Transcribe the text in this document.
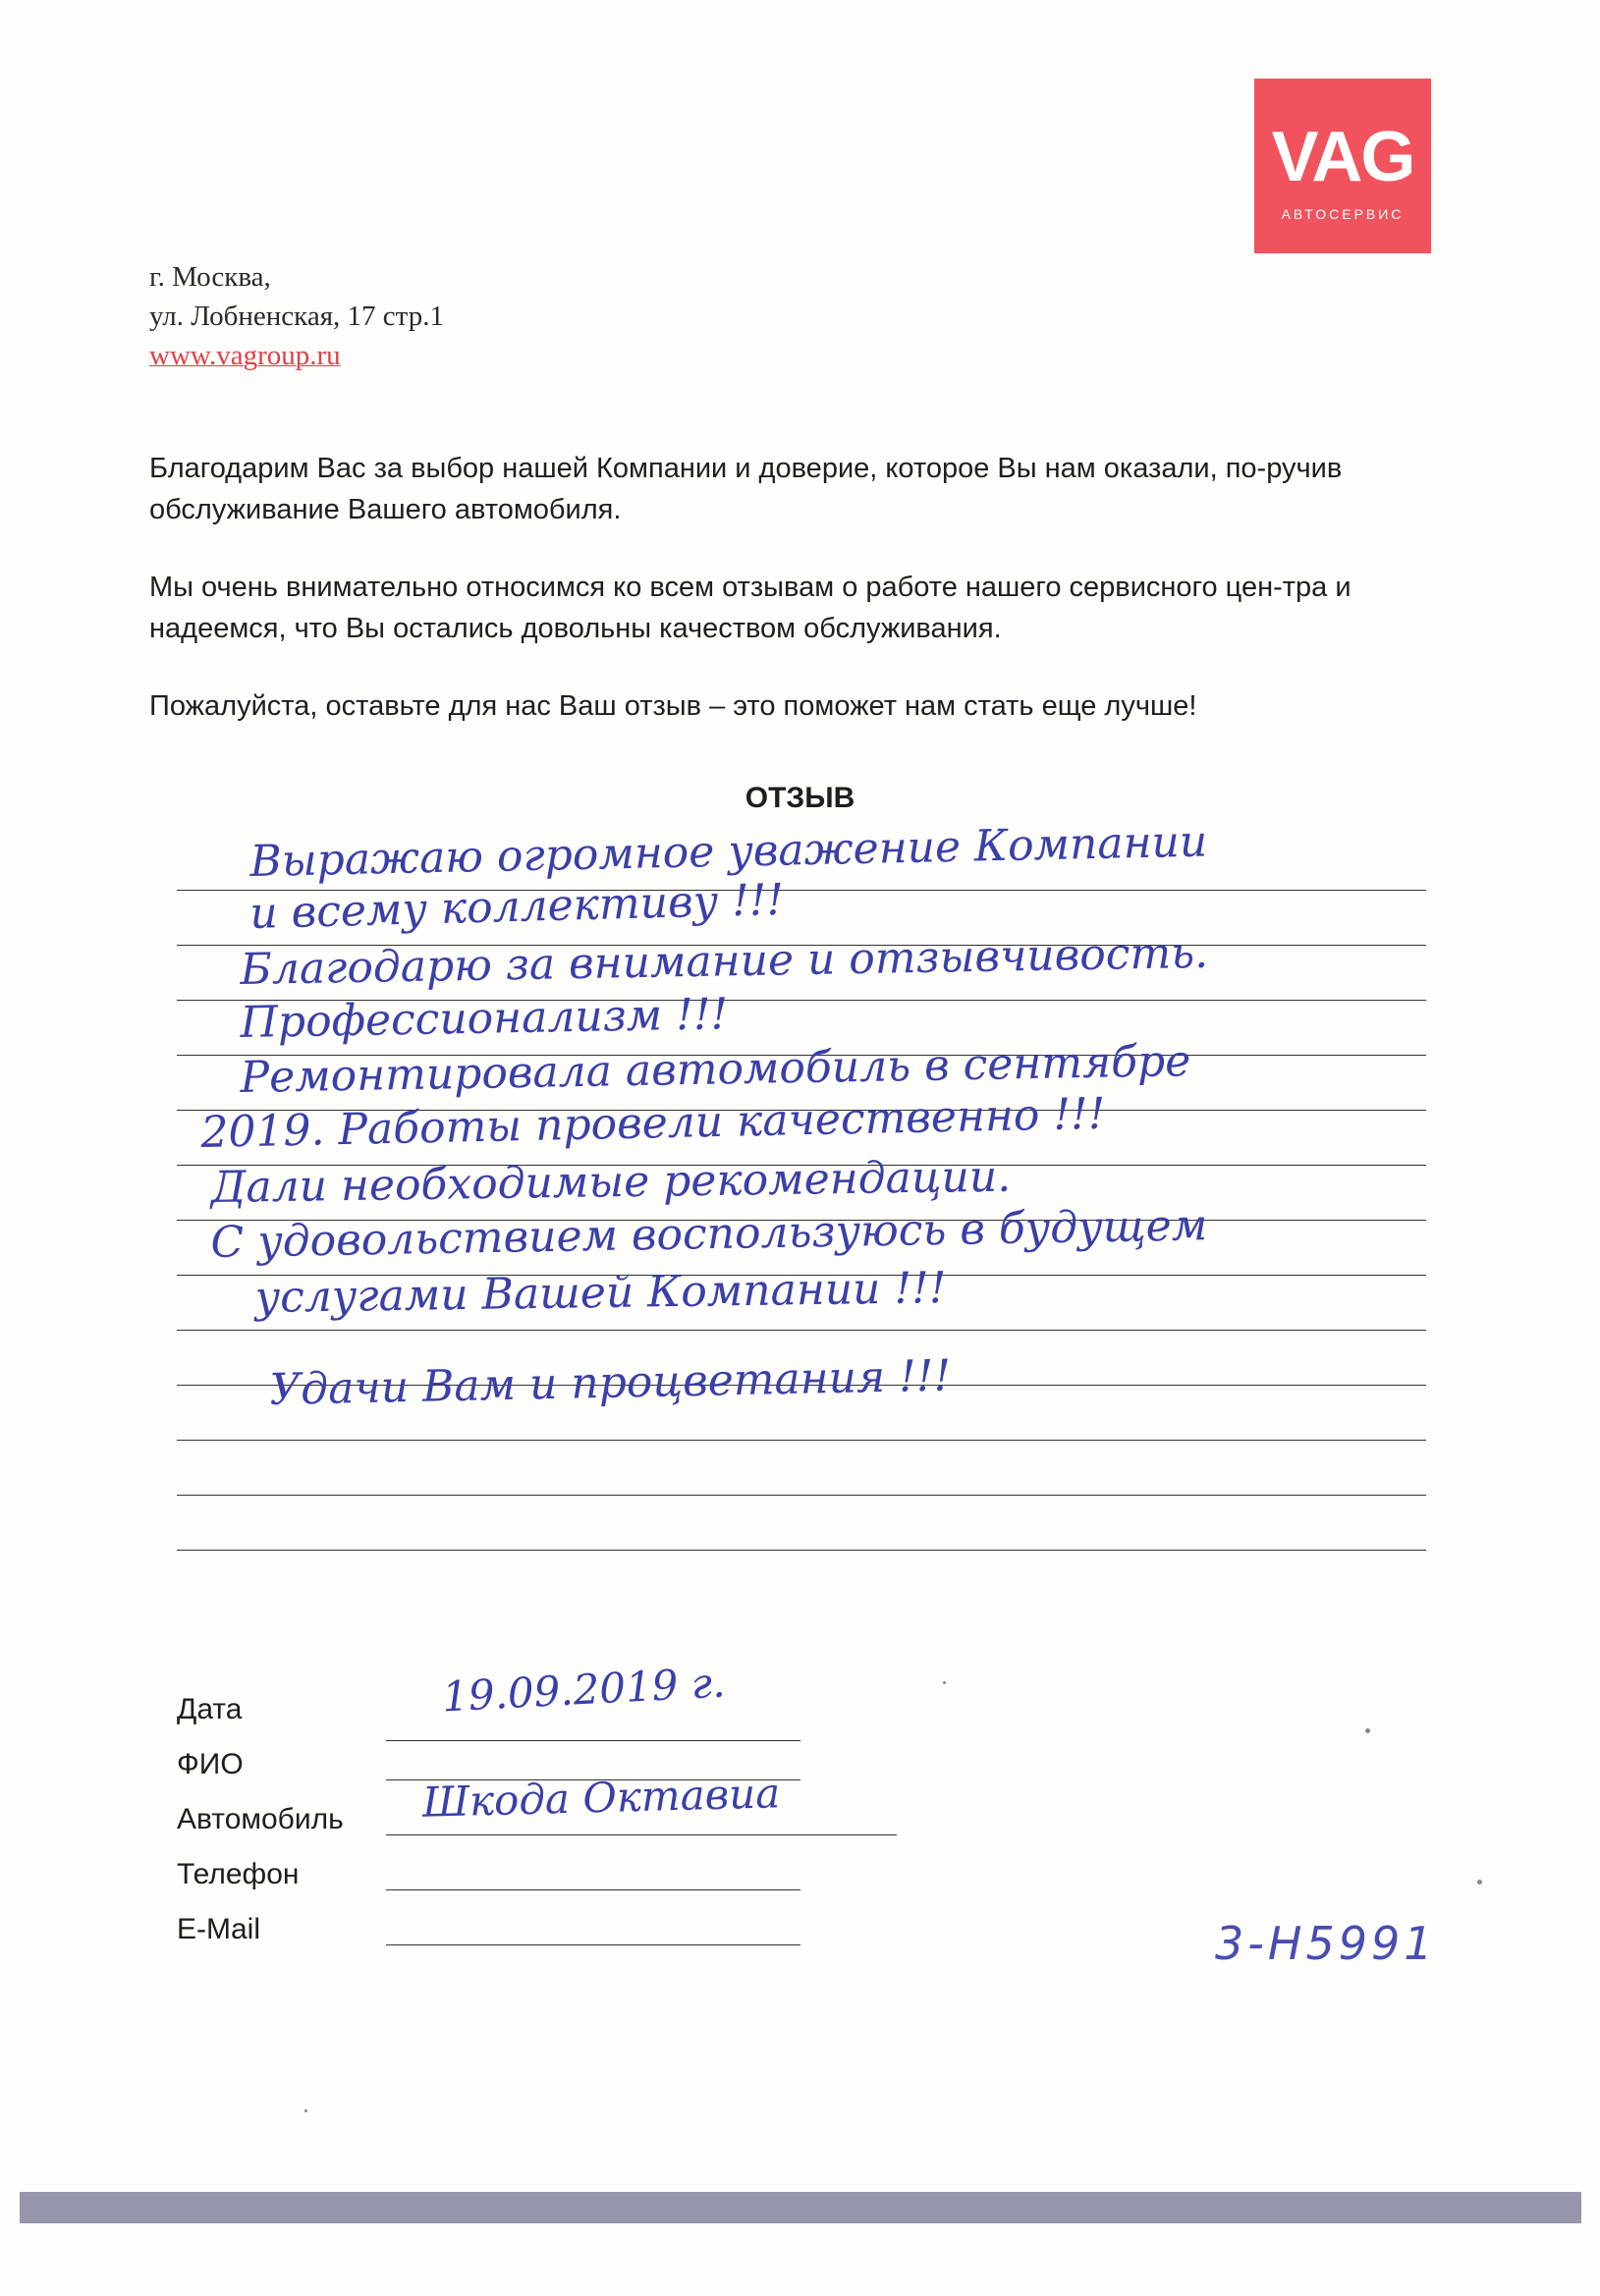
VAG
АВТОСЕРВИС
г. Москва,
ул. Лобненская, 17 стр.1
www.vagroup.ru

Благодарим Вас за выбор нашей Компании и доверие, которое Вы нам оказали, по-ручив обслуживание Вашего автомобиля.

Мы очень внимательно относимся ко всем отзывам о работе нашего сервисного цен-тра и надеемся, что Вы остались довольны качеством обслуживания.

Пожалуйста, оставьте для нас Ваш отзыв – это поможет нам стать еще лучше!

ОТЗЫВ
Выражаю огромное уважение Компании
и всему коллективу !!!
Благодарю за внимание и отзывчивость.
Профессионализм !!!
Ремонтировала автомобиль в сентябре
2019. Работы провели качественно !!!
Дали необходимые рекомендации.
С удовольствием воспользуюсь в будущем
услугами Вашей Компании !!!
Удачи Вам и процветания !!!
Дата	19.09.2019 г.
ФИО
Автомобиль Шкода Октавиа
Телефон
E-Mail	3-Н5991
